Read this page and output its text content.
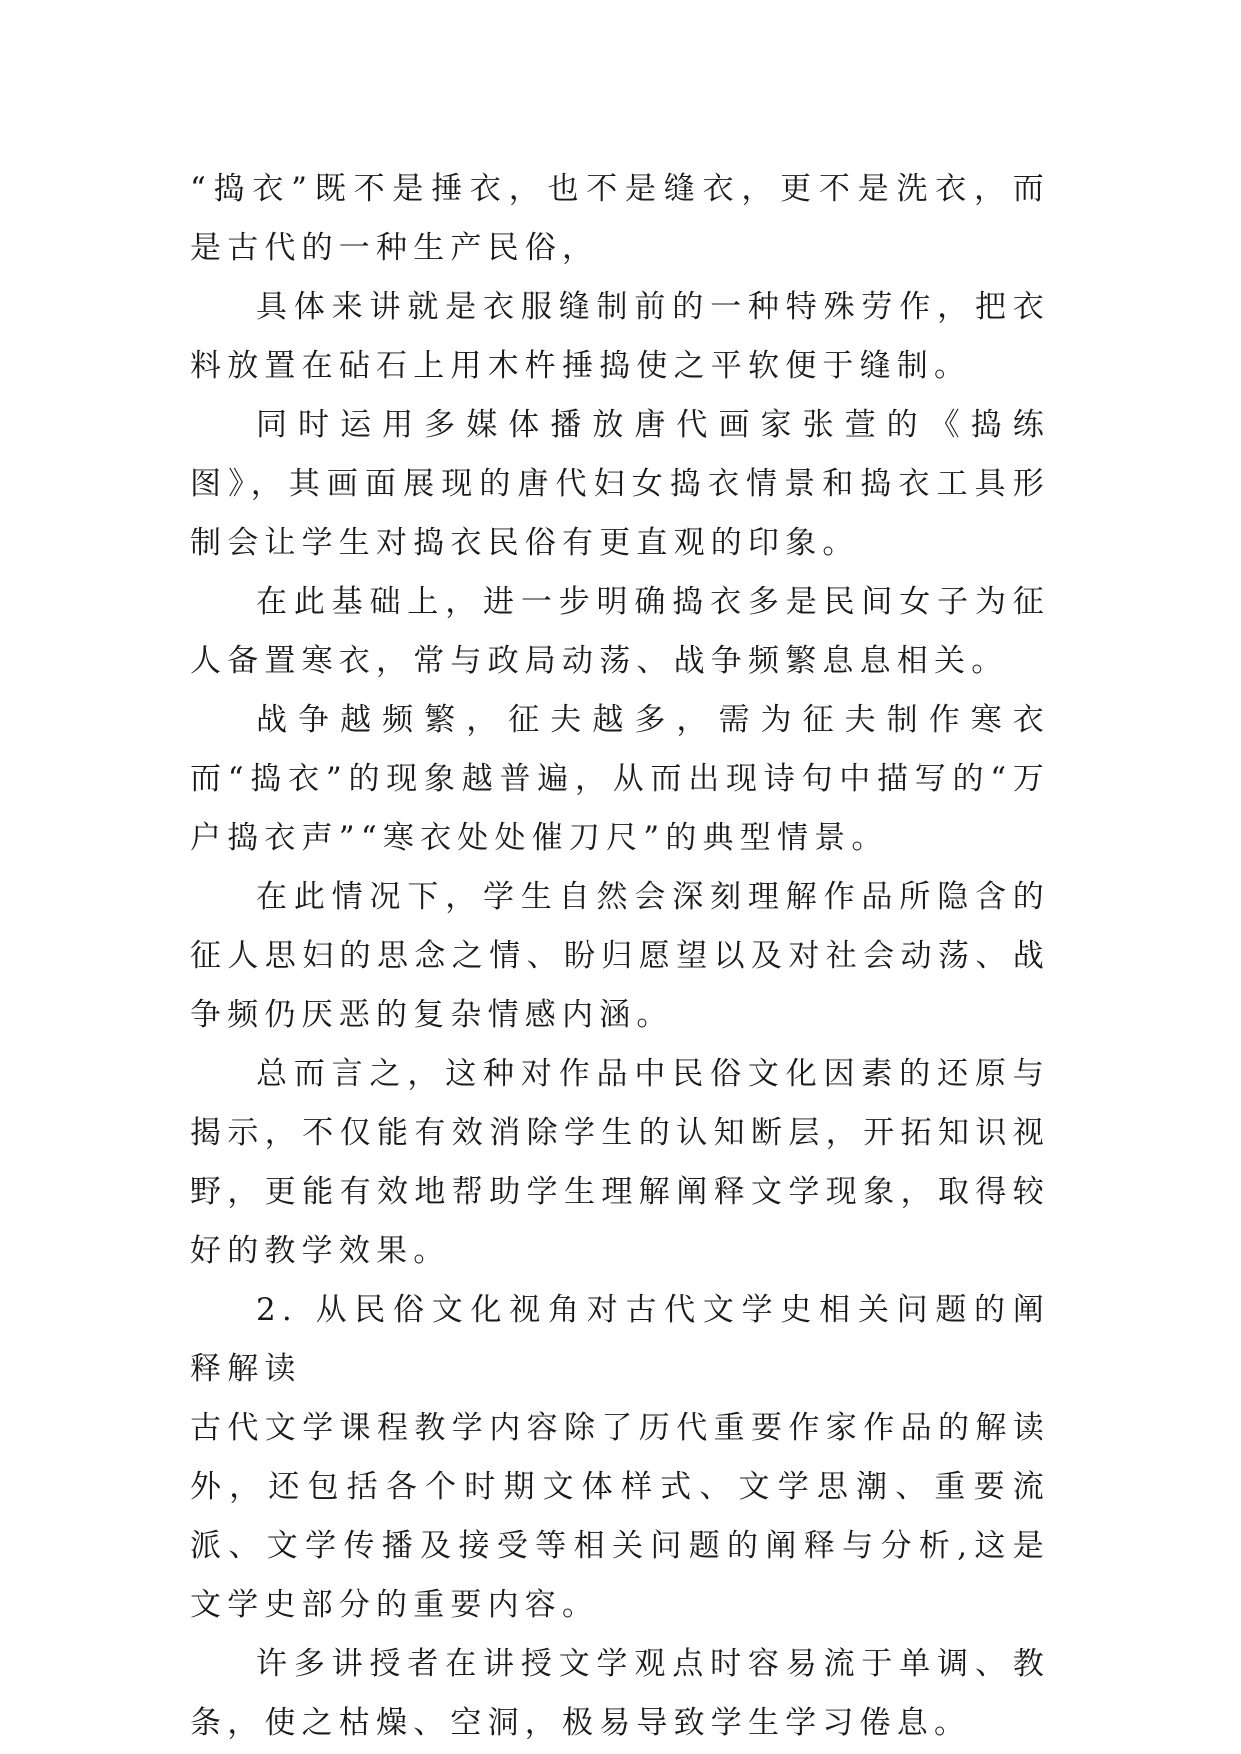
“捣衣”既不是捶衣，也不是缝衣，更不是洗衣，而是古代的一种生产民俗，

具体来讲就是衣服缝制前的一种特殊劳作，把衣料放置在砧石上用木杵捶捣使之平软便于缝制。

同时运用多媒体播放唐代画家张萱的《捣练图》，其画面展现的唐代妇女捣衣情景和捣衣工具形制会让学生对捣衣民俗有更直观的印象。

在此基础上，进一步明确捣衣多是民间女子为征人备置寒衣，常与政局动荡、战争频繁息息相关。

战争越频繁，征夫越多，需为征夫制作寒衣而“捣衣”的现象越普遍，从而出现诗句中描写的“万户捣衣声”“寒衣处处催刀尺”的典型情景。

在此情况下，学生自然会深刻理解作品所隐含的征人思妇的思念之情、盼归愿望以及对社会动荡、战争频仍厌恶的复杂情感内涵。

总而言之，这种对作品中民俗文化因素的还原与揭示，不仅能有效消除学生的认知断层，开拓知识视野，更能有效地帮助学生理解阐释文学现象，取得较好的教学效果。

2. 从民俗文化视角对古代文学史相关问题的阐释解读

古代文学课程教学内容除了历代重要作家作品的解读外，还包括各个时期文体样式、文学思潮、重要流派、文学传播及接受等相关问题的阐释与分析,这是文学史部分的重要内容。

许多讲授者在讲授文学观点时容易流于单调、教条，使之枯燥、空洞，极易导致学生学习倦息。
